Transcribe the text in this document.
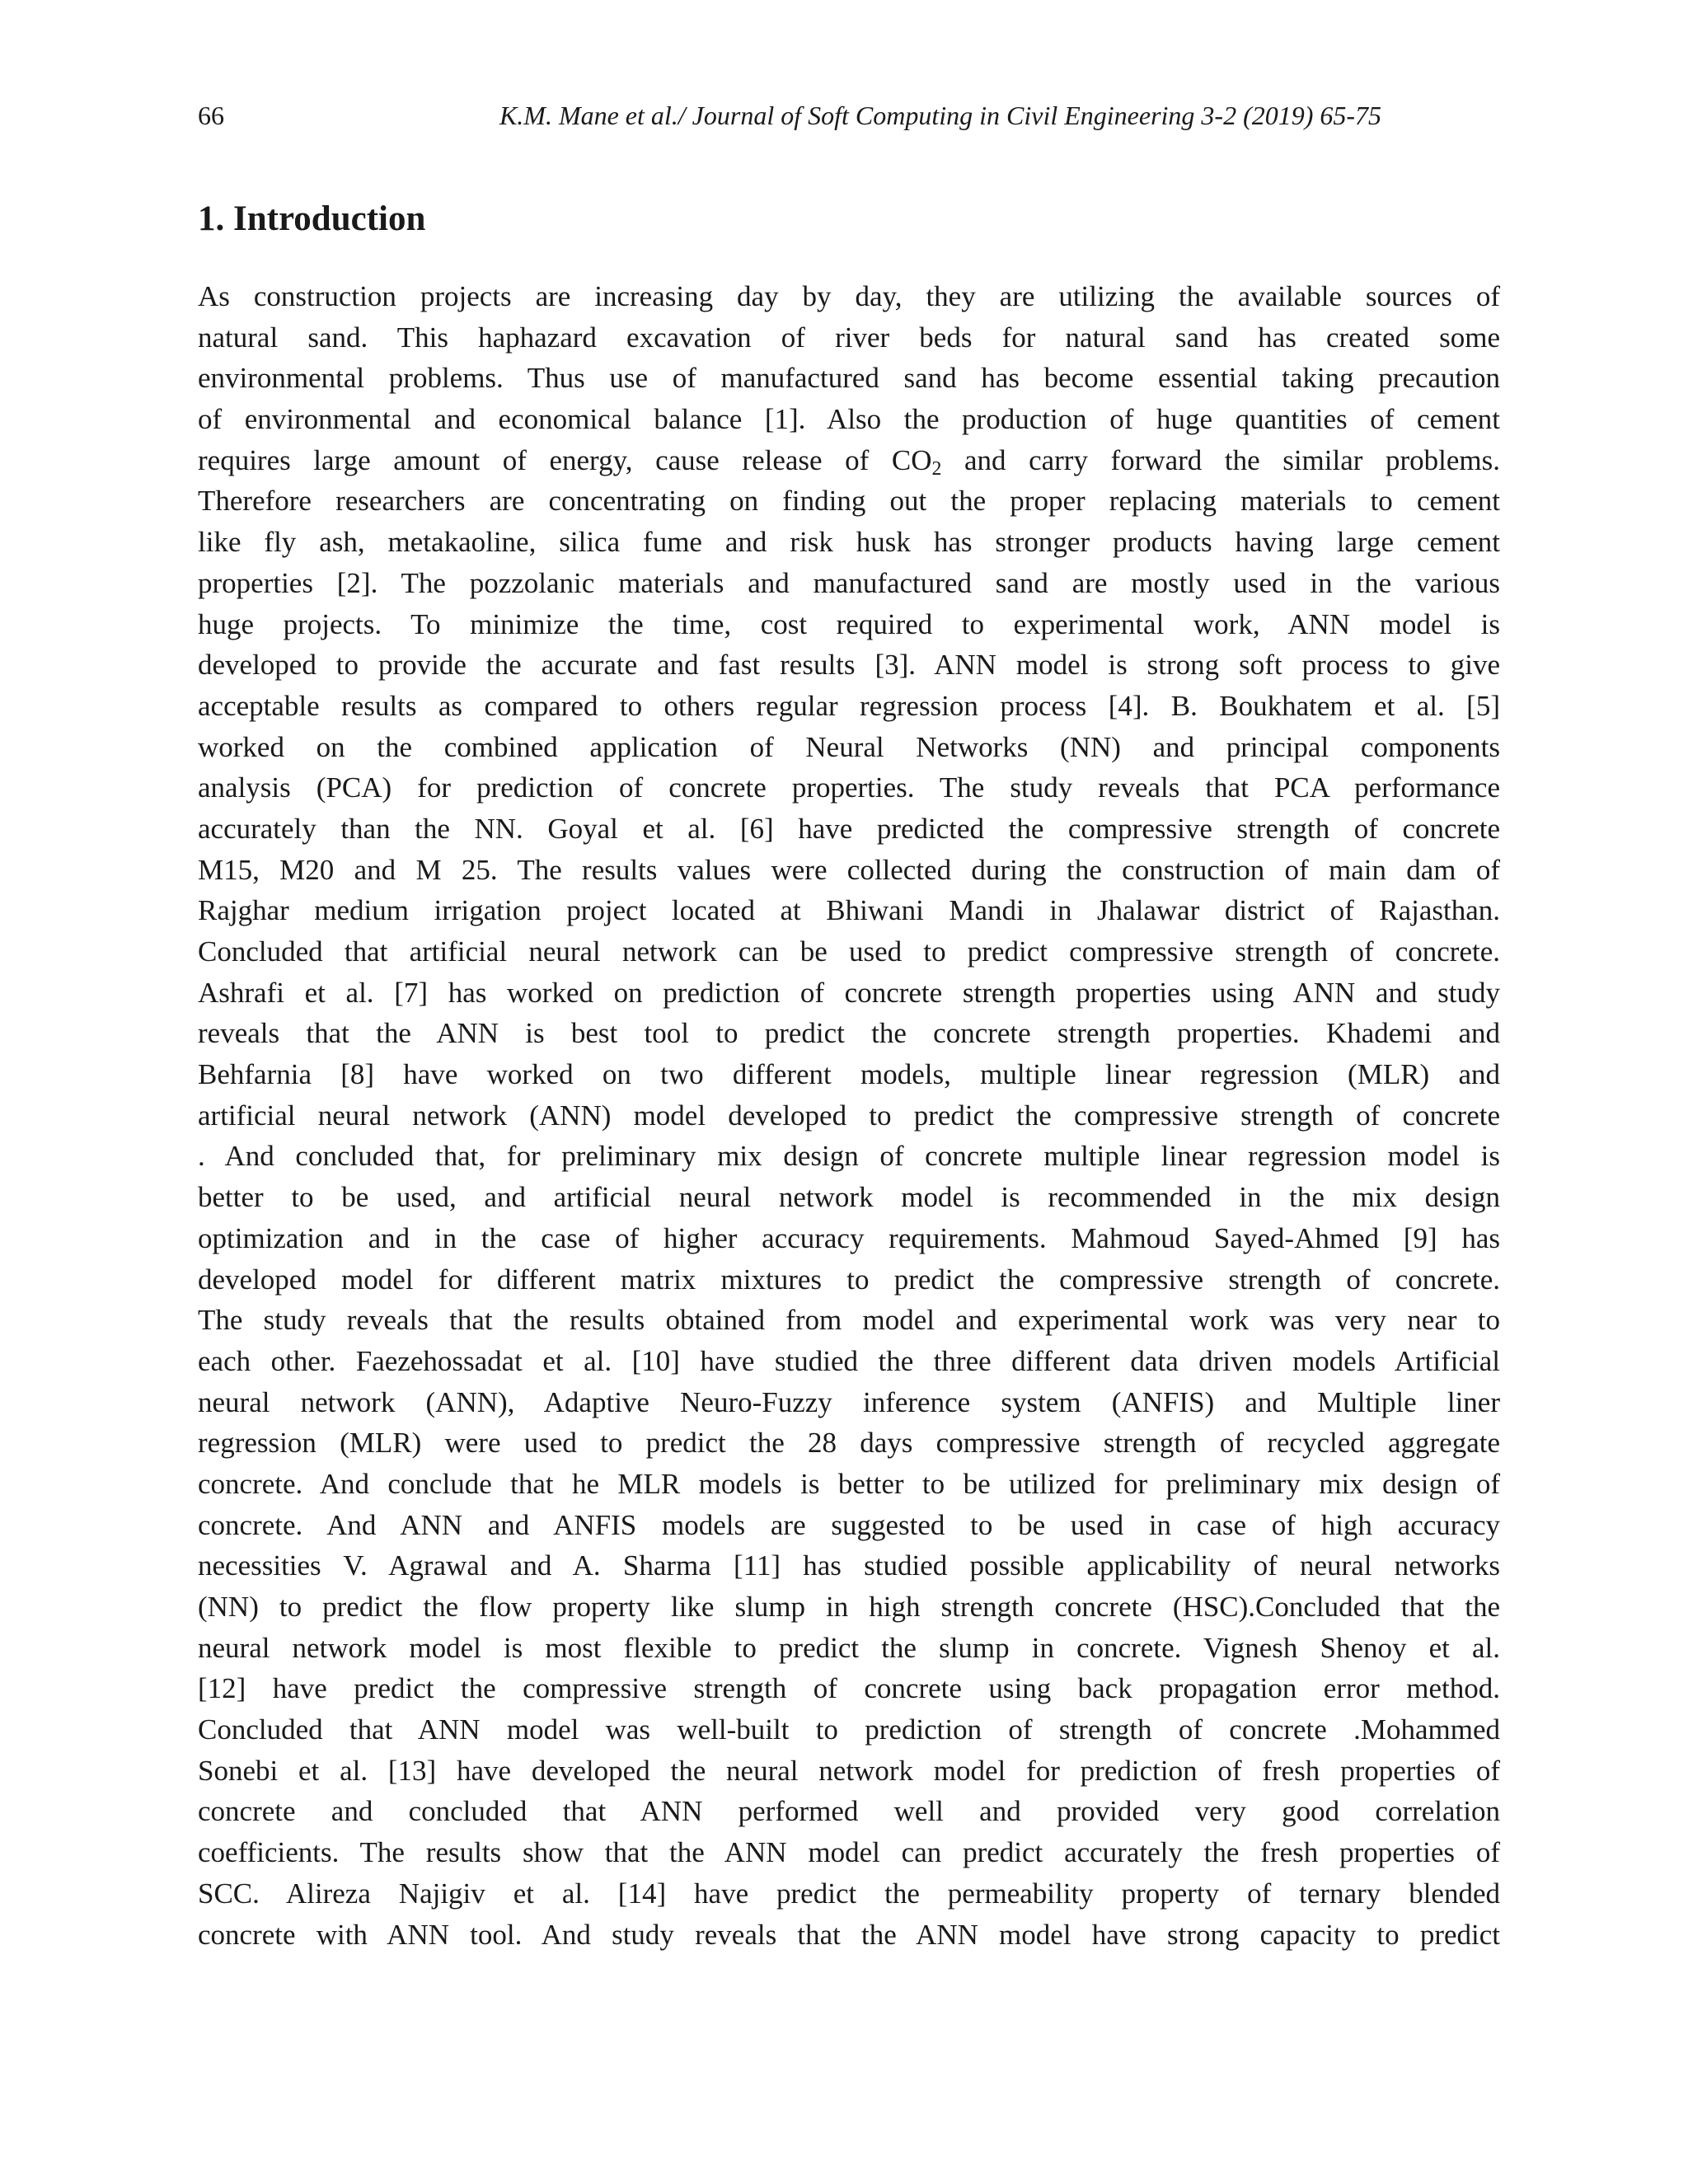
66	K.M. Mane et al./ Journal of Soft Computing in Civil Engineering 3-2 (2019) 65-75
1. Introduction
As construction projects are increasing day by day, they are utilizing the available sources of
natural sand. This haphazard excavation of river beds for natural sand has created some
environmental problems. Thus use of manufactured sand has become essential taking precaution
of environmental and economical balance [1]. Also the production of huge quantities of cement
requires large amount of energy, cause release of $CO_2$ and carry forward the similar problems.
Therefore researchers are concentrating on finding out the proper replacing materials to cement
like fly ash, metakaoline, silica fume and risk husk has stronger products having large cement
properties [2]. The pozzolanic materials and manufactured sand are mostly used in the various
huge projects. To minimize the time, cost required to experimental work, ANN model is
developed to provide the accurate and fast results [3]. ANN model is strong soft process to give
acceptable results as compared to others regular regression process [4]. B. Boukhatem et al. [5]
worked on the combined application of Neural Networks (NN) and principal components
analysis (PCA) for prediction of concrete properties. The study reveals that PCA performance
accurately than the NN. Goyal et al. [6] have predicted the compressive strength of concrete
M15, M20 and M 25. The results values were collected during the construction of main dam of
Rajghar medium irrigation project located at Bhiwani Mandi in Jhalawar district of Rajasthan.
Concluded that artificial neural network can be used to predict compressive strength of concrete.
Ashrafi et al. [7] has worked on prediction of concrete strength properties using ANN and study
reveals that the ANN is best tool to predict the concrete strength properties. Khademi and
Behfarnia [8] have worked on two different models, multiple linear regression (MLR) and
artificial neural network (ANN) model developed to predict the compressive strength of concrete
. And concluded that, for preliminary mix design of concrete multiple linear regression model is
better to be used, and artificial neural network model is recommended in the mix design
optimization and in the case of higher accuracy requirements. Mahmoud Sayed-Ahmed [9] has
developed model for different matrix mixtures to predict the compressive strength of concrete.
The study reveals that the results obtained from model and experimental work was very near to
each other. Faezehossadat et al. [10] have studied the three different data driven models Artificial
neural network (ANN), Adaptive Neuro-Fuzzy inference system (ANFIS) and Multiple liner
regression (MLR) were used to predict the 28 days compressive strength of recycled aggregate
concrete. And conclude that he MLR models is better to be utilized for preliminary mix design of
concrete. And ANN and ANFIS models are suggested to be used in case of high accuracy
necessities V. Agrawal and A. Sharma [11] has studied possible applicability of neural networks
(NN) to predict the flow property like slump in high strength concrete (HSC).Concluded that the
neural network model is most flexible to predict the slump in concrete. Vignesh Shenoy et al.
[12] have predict the compressive strength of concrete using back propagation error method.
Concluded that ANN model was well-built to prediction of strength of concrete .Mohammed
Sonebi et al. [13] have developed the neural network model for prediction of fresh properties of
concrete and concluded that ANN performed well and provided very good correlation
coefficients. The results show that the ANN model can predict accurately the fresh properties of
SCC. Alireza Najigiv et al. [14] have predict the permeability property of ternary blended
concrete with ANN tool. And study reveals that the ANN model have strong capacity to predict
